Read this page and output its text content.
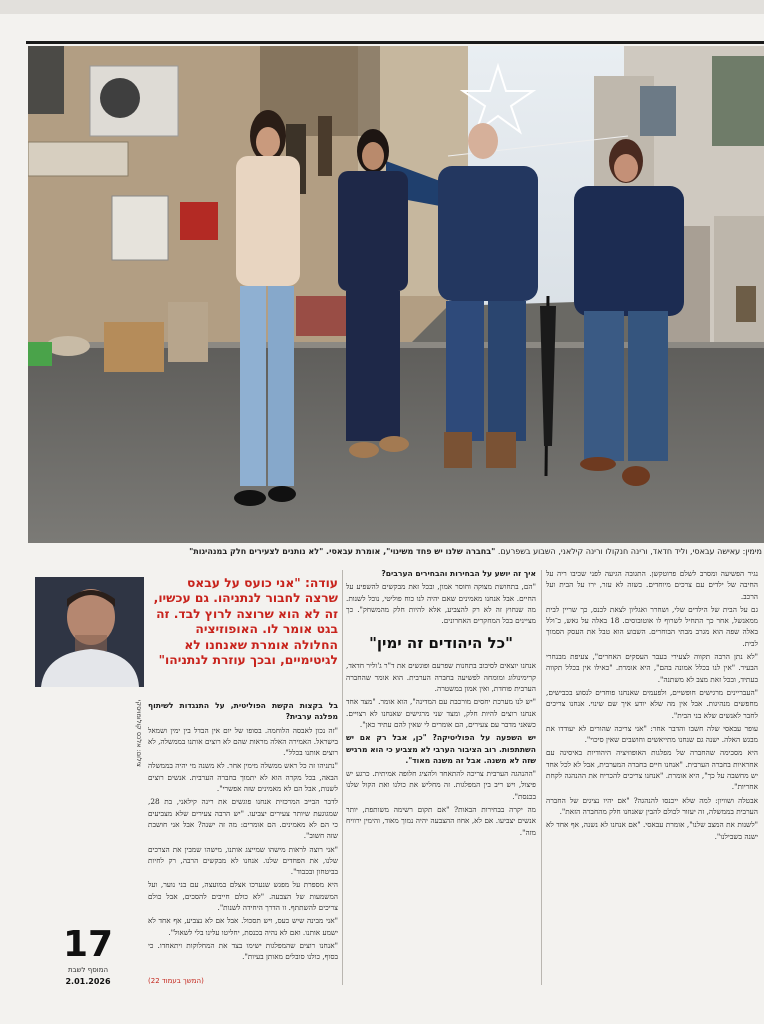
מימין: עאישה עבאסי, וליד חדאד, ורינה חנקולו ורינה קילאני, השבוע בשפרעם. "בחברה שלנו יש פחד משינוי", אומרת עבאסי. "לא נותנים לצעירים חלק במנהיגות"

נגיר הפשיעה ומסרב לשלם פרוטקשן. התגובה הגיעה לפני שכיבו ריה על החיבה של ילדים עם צרכים מיוחדים. כשזה לא עזר, ירו על הבית ועל הרכב.

גם על הבית של הילדים שלי, ושחרר ואגליון לצאת לכנס, כך שריין לבית ממאנשל, אחר כך התחיל לשרוף לו אוטובוסים. 18 באלה על גאש, כ־ולל באלה שפה הוא מגרב מבתי הבוחרים. השבוע הוא טבל את העסק הסמוך לבית.

"לא נתן הרבה תקווה לצעירי בעבר העסקים האחרים", צעיפת מבנחרי הבעיר. "אין לנו בכלל אמונה בהם", היא אומרת. "כאילו אין בכלל תקווה בעתיד, ובכל זאת מצב לא משתנה".

"העבריינים מרגישים חופשיים, ולפעמים שאנחנו פוחדים לנסוע בכבישים, מחפשים מנהיגות. אבל אין מה שלא יודע איך שם שינוי. אנחנו צריכים לחבר לאנשים שלא בני הבית".

עופר עבאסי שלה חשבו והדבר אחר: "אני צריכה שהורים לא יעודדו את מבגש האלה. ישנה גם שנחנו מתייאשים וחושבים שאין סיכוי".

היא מסכימה שהחברה של מפלגות האופוזיציה היהודיות באיסינה עם אחראיות בחברה הערבית. "אנחנו חיים בחברה המערבית, אבל לא לכל אחד יש מחשבה על כך", היא אומרת. "אנחנו צריכים להכריח את ההנהגה לקחת אחריות".

אבטלה ושוויון: למה שלא ייכנסו להנהגה? "אם יהיו נציגים של החברה הערבית בממשלה, זה יעזור לכולם להבין שאנחנו חלק מהחברה הזאת".

"לשנות את המצב שלנו", אומרת עבאסי. "אם אנחנו לא נשנה, אף אחד לא ישנה בשבילנו".

איך זה יושע על הבחירות והבחירים הערבים?

"הם, בתחושת מצוקה וחוסר אמון, ובכל זאת מבקשים להשפיע על החיים. אבל אנחנו מאמינים שאם יהיה לנו כוח פוליטי, נוכל לשנות. מה שנחוץ זה לא רק להצביע, אלא להיות חלק מהמשחק". כך מציינים בכל המחקרים האחרונים.

"כל היהודים זה ימין"

אנחנו יוצאים לסיבוב בתחנות שפרעם ופוגשים את ד"ר ג'וליר חדאד, קרימינולוג ומומחה לפשיעה בחברה הערבית. הוא אומר שהחברה הערבית פוחדת, ואין אמון במשטרה.

"יש לנו מערכת יחסים מורכבת עם המדינה", הוא אומר. "מצד אחד אנחנו רוצים להיות חלק, ומצד שני מרגישים שאנחנו לא רצויים. כשאני מדבר עם צעירים, הם אומרים לי שאין להם עתיד כאן".

יש השפעה על הפוליטיקה? "כן, אבל רק אם יש השתתפות. רוב הציבור הערבי לא מצביע כי הוא מרגיש שזה לא משנה. אבל זה משנה מאוד".

"ההנהגה הערבית צריכה להתאחד ולהציג חלופה אמיתית. כרגע יש פיצול, ויש ריב בין המפלגות. זה מחליש את כולנו ואת הקול שלנו בכנסת".

מה יקרה בבחירות הבאות? "אם תקום רשימה משותפת, יותר אנשים יצביעו. אם לא, אחוז ההצבעה יהיה נמוך מאוד, והימין ירוויח מזה".

עודה: "אני כועס על עבאס שרצה לחבור לנתניהו. גם עכשיו, זה לא הוא שרוצה לרוץ לבד. זה בגט אומר לו. האופוזיציה החלולה אומרת שאנחנו לא לגיטימיים, ובכך עוזרת לנתניהו"

בל בקצות הקשת הפוליטית, על התנגדות לשיתוף מפלגה ערבית?

"זה נכון לאבסה הלוחמה. בסופו של יום אין הבדל בין ימין ושמאל בישראל. האמירה האלה מראות שהם לא רוצים אותנו בממשלה, לא רוצים אותנו בכלל".

"נתניהו זה כל ראש ממשלה מימין אחר. לא משנה מי יהיה בממשלה הבאה, בכל מקרה הוא לא יתמוך בחברה הערבית. אנשים רוצים לשנות, אבל הם לא מאמינים שזה אפשרי".

לדבר הבייב המרכזית אנחנו פוגשים את רינה קילאני, בת 28, שמגוגעת שיותר צעירים יצביעו. "יש הרבה צעירים שלא מצביעים כי הם לא מאמינים. הם אומרים: מה זה ישנה? אבל אני חושבת שזה חשוב".

"אני רוצה לראות מישהו שמייצג אותנו, מישהו שמבין את הצרכים שלנו, את הפחדים שלנו. אנחנו לא מבקשים הרבה, רק לחיות בביטחון ובכבוד".

היא מספרת על מפגש שנערכו אצלם במועצה, עם בני נוער, ועל המשמעות של הצבעה. "לא כולם חייבים להסכים, אבל כולם צריכים להשתתף. זו הדרך היחידה לשנות".

"אני מבינה שיש כעס, ויש תסכול. אבל אם לא נצביע, אף אחד לא ישמע אותנו. ואם לא נהיה בכנסת, יחליטו עלינו בלי לשאול".

"אנחנו רוצים שהמפלגות ישימו בצד את המחלוקות ויתאחדו. כי בסוף, כולנו סובלים מאותן בעיות".

(המשך בעמוד 22)
צילום: אלכס קולומויסקי
17
המוסף לשבת
2.01.2026
